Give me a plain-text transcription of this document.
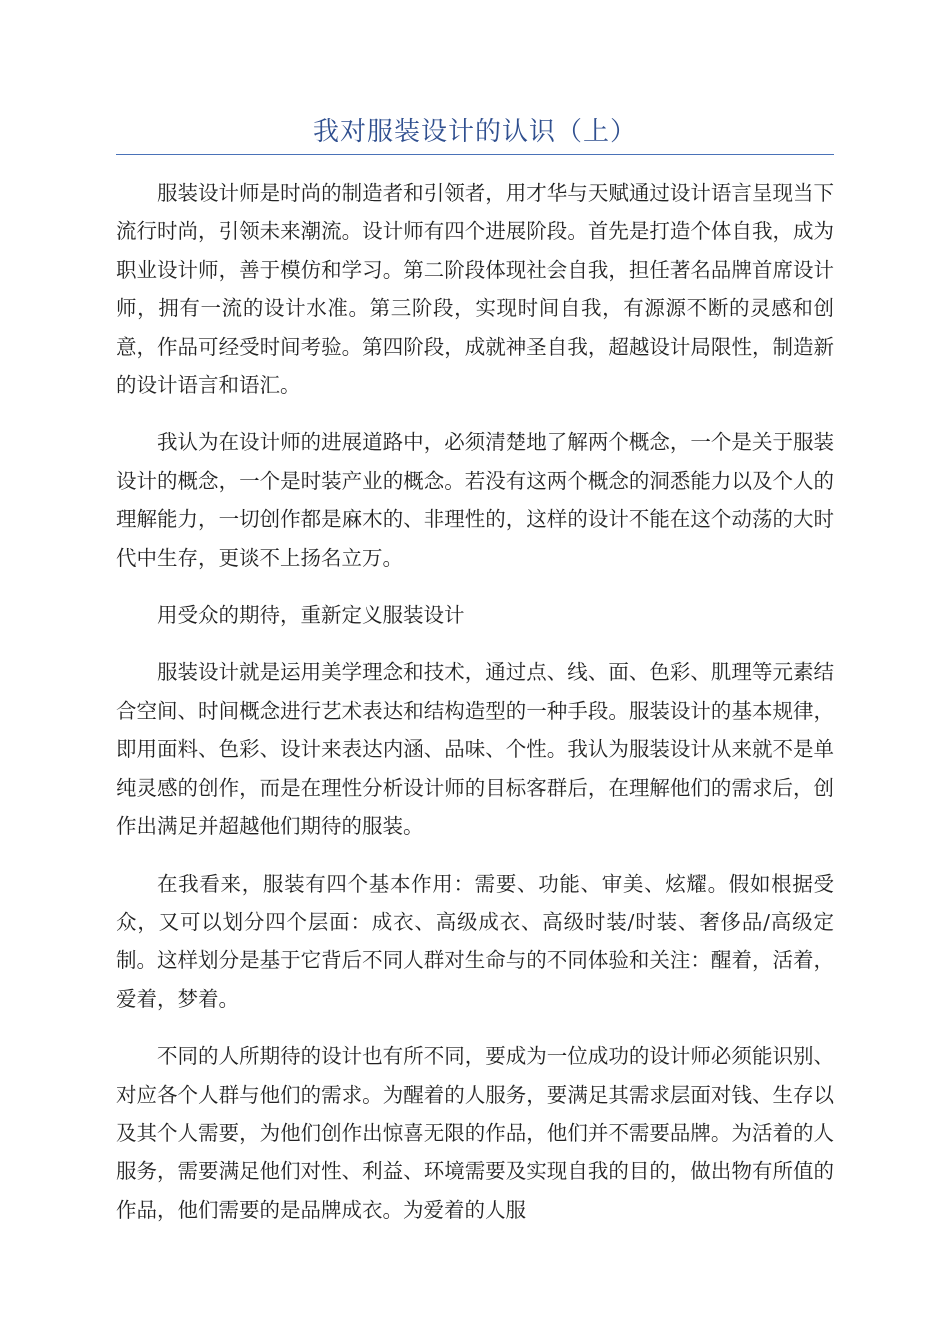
我对服装设计的认识（上）

服装设计师是时尚的制造者和引领者，用才华与天赋通过设计语言呈现当下流行时尚，引领未来潮流。设计师有四个进展阶段。首先是打造个体自我，成为职业设计师，善于模仿和学习。第二阶段体现社会自我，担任著名品牌首席设计师，拥有一流的设计水准。第三阶段，实现时间自我，有源源不断的灵感和创意，作品可经受时间考验。第四阶段，成就神圣自我，超越设计局限性，制造新的设计语言和语汇。

我认为在设计师的进展道路中，必须清楚地了解两个概念，一个是关于服装设计的概念，一个是时装产业的概念。若没有这两个概念的洞悉能力以及个人的理解能力，一切创作都是麻木的、非理性的，这样的设计不能在这个动荡的大时代中生存，更谈不上扬名立万。

用受众的期待，重新定义服装设计

服装设计就是运用美学理念和技术，通过点、线、面、色彩、肌理等元素结合空间、时间概念进行艺术表达和结构造型的一种手段。服装设计的基本规律，即用面料、色彩、设计来表达内涵、品味、个性。我认为服装设计从来就不是单纯灵感的创作，而是在理性分析设计师的目标客群后，在理解他们的需求后，创作出满足并超越他们期待的服装。

在我看来，服装有四个基本作用：需要、功能、审美、炫耀。假如根据受众，又可以划分四个层面：成衣、高级成衣、高级时装/时装、奢侈品/高级定制。这样划分是基于它背后不同人群对生命与的不同体验和关注：醒着，活着，爱着，梦着。

不同的人所期待的设计也有所不同，要成为一位成功的设计师必须能识别、对应各个人群与他们的需求。为醒着的人服务，要满足其需求层面对钱、生存以及其个人需要，为他们创作出惊喜无限的作品，他们并不需要品牌。为活着的人服务，需要满足他们对性、利益、环境需要及实现自我的目的，做出物有所值的作品，他们需要的是品牌成衣。为爱着的人服
